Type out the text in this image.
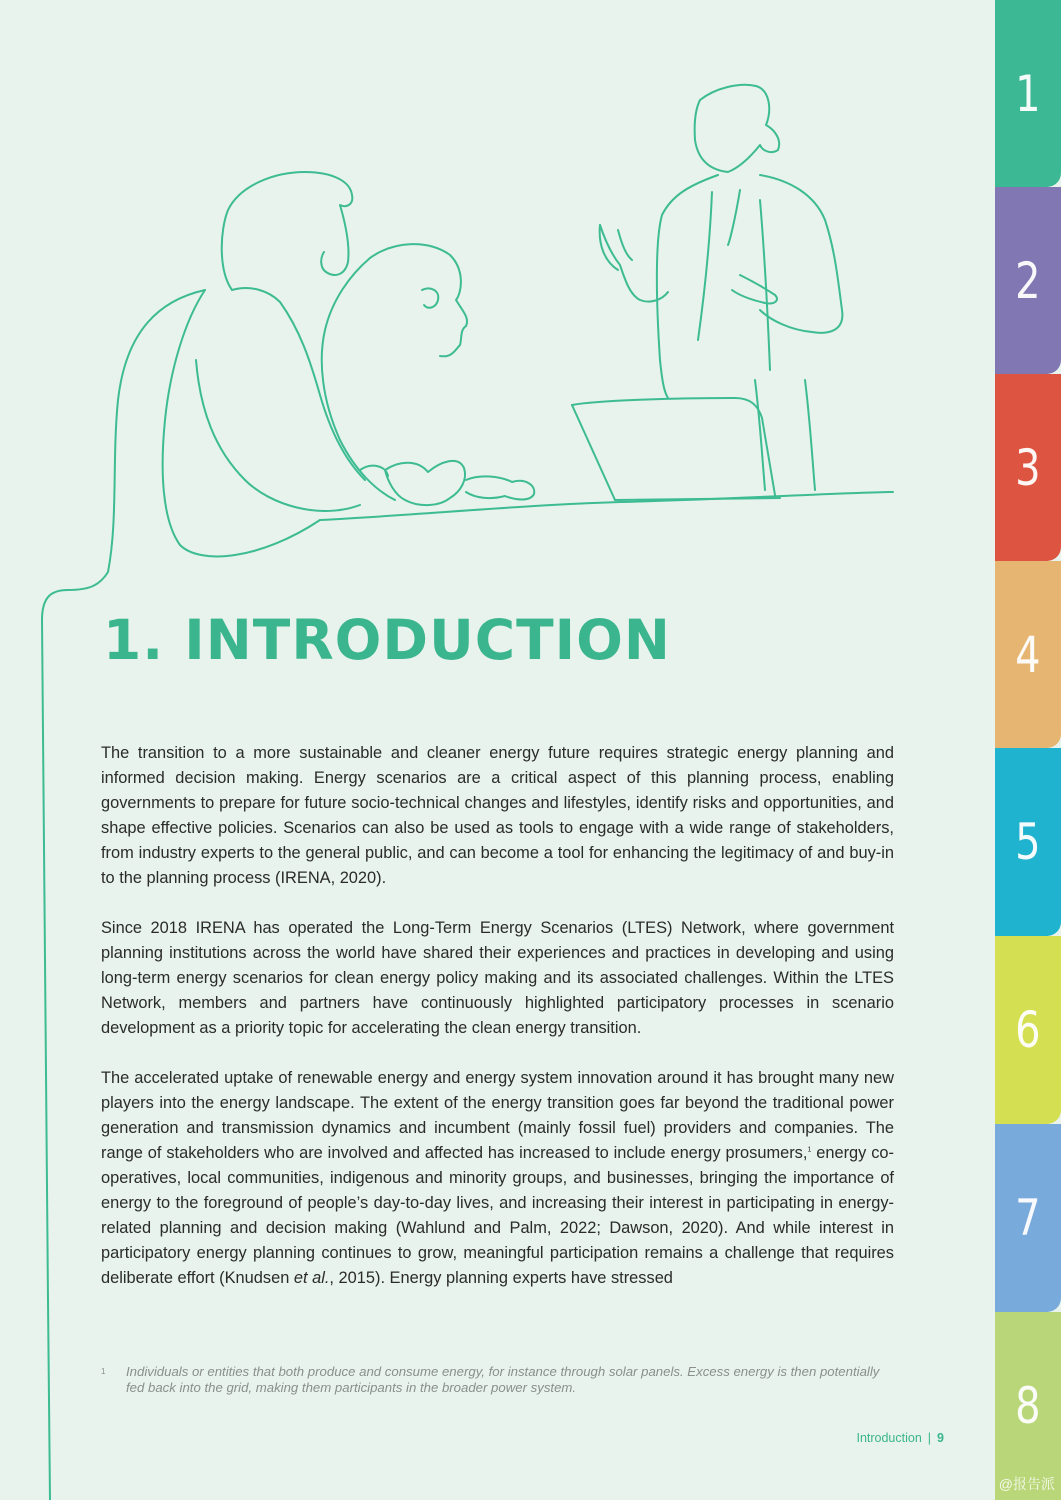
1. INTRODUCTION

The transition to a more sustainable and cleaner energy future requires strategic energy planning and informed decision making. Energy scenarios are a critical aspect of this planning process, enabling governments to prepare for future socio-technical changes and lifestyles, identify risks and opportunities, and shape effective policies. Scenarios can also be used as tools to engage with a wide range of stakeholders, from industry experts to the general public, and can become a tool for enhancing the legitimacy of and buy-in to the planning process (IRENA, 2020).

Since 2018 IRENA has operated the Long-Term Energy Scenarios (LTES) Network, where government planning institutions across the world have shared their experiences and practices in developing and using long-term energy scenarios for clean energy policy making and its associated challenges. Within the LTES Network, members and partners have continuously highlighted participatory processes in scenario development as a priority topic for accelerating the clean energy transition.

The accelerated uptake of renewable energy and energy system innovation around it has brought many new players into the energy landscape. The extent of the energy transition goes far beyond the traditional power generation and transmission dynamics and incumbent (mainly fossil fuel) providers and companies. The range of stakeholders who are involved and affected has increased to include energy prosumers,$^1$ energy co-operatives, local communities, indigenous and minority groups, and businesses, bringing the importance of energy to the foreground of people’s day-to-day lives, and increasing their interest in participating in energy-related planning and decision making (Wahlund and Palm, 2022; Dawson, 2020). And while interest in participatory energy planning continues to grow, meaningful participation remains a challenge that requires deliberate effort (Knudsen et al., 2015). Energy planning experts have stressed

1	Individuals or entities that both produce and consume energy, for instance through solar panels. Excess energy is then potentially fed back into the grid, making them participants in the broader power system.
Introduction | 9
1
2
3
4
5
6
7
8
@报告派
